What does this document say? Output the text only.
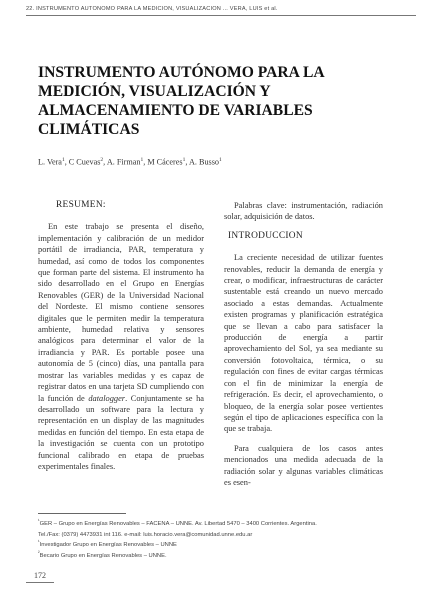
22. INSTRUMENTO AUTÓNOMO PARA LA MEDICIÓN, VISUALIZACIÓN ... VERA, LUIS et al.
INSTRUMENTO AUTÓNOMO PARA LA MEDICIÓN, VISUALIZACIÓN Y ALMACENAMIENTO DE VARIABLES CLIMÁTICAS

L. Vera$^1$, C Cuevas$^2$, A. Firman$^1$, M Cáceres$^1$, A. Busso$^1$

RESUMEN:

En este trabajo se presenta el diseño, implementación y calibración de un medidor portátil de irradiancia, PAR, temperatura y humedad, así como de todos los componentes que forman parte del sistema. El instrumento ha sido desarrollado en el Grupo en Energías Renovables (GER) de la Universidad Nacional del Nordeste. El mismo contiene sensores digitales que le permiten medir la temperatura ambiente, humedad relativa y sensores analógicos para determinar el valor de la irradiancia y PAR. Es portable posee una autonomía de 5 (cinco) días, una pantalla para mostrar las variables medidas y es capaz de registrar datos en una tarjeta SD cumpliendo con la función de datalogger. Conjuntamente se ha desarrollado un software para la lectura y representación en un display de las magnitudes medidas en función del tiempo. En esta etapa de la investigación se cuenta con un prototipo funcional calibrado en etapa de pruebas experimentales finales.

Palabras clave: instrumentación, radiación solar, adquisición de datos.

INTRODUCCION

La creciente necesidad de utilizar fuentes renovables, reducir la demanda de energía y crear, o modificar, infraestructuras de carácter sustentable está creando un nuevo mercado asociado a estas demandas. Actualmente existen programas y planificación estratégica que se llevan a cabo para satisfacer la producción de energía a partir aprovechamiento del Sol, ya sea mediante su conversión fotovoltaica, térmica, o su regulación con fines de evitar cargas térmicas con el fin de minimizar la energía de refrigeración. Es decir, el aprovechamiento, o bloqueo, de la energía solar posee vertientes según el tipo de aplicaciones específica con la que se trabaja.

Para cualquiera de los casos antes mencionados una medida adecuada de la radiación solar y algunas variables climáticas es esen-

$^{^1}$GER – Grupo en Energías Renovables – FACENA – UNNE. Av. Libertad 5470 – 3400 Corrientes. Argentina.
Tel./Fax: (0379) 4473931 int 116. e-mail: luis.horacio.vera@comunidad.unne.edu.ar
$^{^1}$Investigador Grupo en Energías Renovables – UNNE
$^{^2}$Becario Grupo en Energías Renovables – UNNE.
172
